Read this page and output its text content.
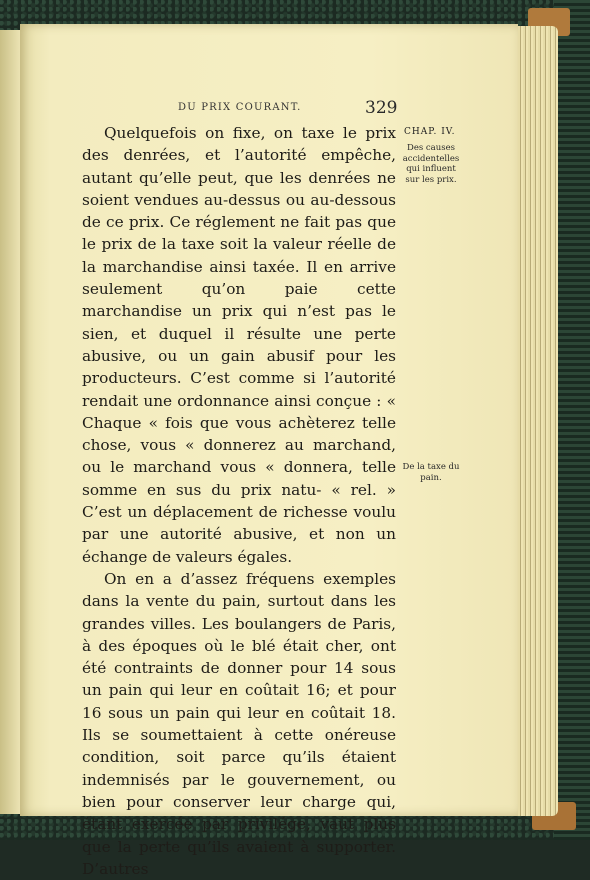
DU PRIX COURANT.	329
CHAP. IV.
Des causes accidentelles qui influent sur les prix.
De la taxe du pain.

Quelquefois on fixe, on taxe le prix des denrées, et l’autorité empêche, autant qu’elle peut, que les denrées ne soient vendues au-dessus ou au-dessous de ce prix. Ce réglement ne fait pas que le prix de la taxe soit la valeur réelle de la marchandise ainsi taxée. Il en arrive seulement qu’on paie cette marchandise un prix qui n’est pas le sien, et duquel il résulte une perte abusive, ou un gain abusif pour les producteurs. C’est comme si l’autorité rendait une ordonnance ainsi conçue : « Chaque « fois que vous achèterez telle chose, vous « donnerez au marchand, ou le marchand vous « donnera, telle somme en sus du prix natu- « rel. » C’est un déplacement de richesse voulu par une autorité abusive, et non un échange de valeurs égales.

On en a d’assez fréquens exemples dans la vente du pain, surtout dans les grandes villes. Les boulangers de Paris, à des époques où le blé était cher, ont été contraints de donner pour 14 sous un pain qui leur en coûtait 16; et pour 16 sous un pain qui leur en coûtait 18. Ils se soumettaient à cette onéreuse condition, soit parce qu’ils étaient indemnisés par le gouvernement, ou bien pour conserver leur charge qui, étant exercée par privilége, vaut plus que la perte qu’ils avaient à supporter. D’autres
